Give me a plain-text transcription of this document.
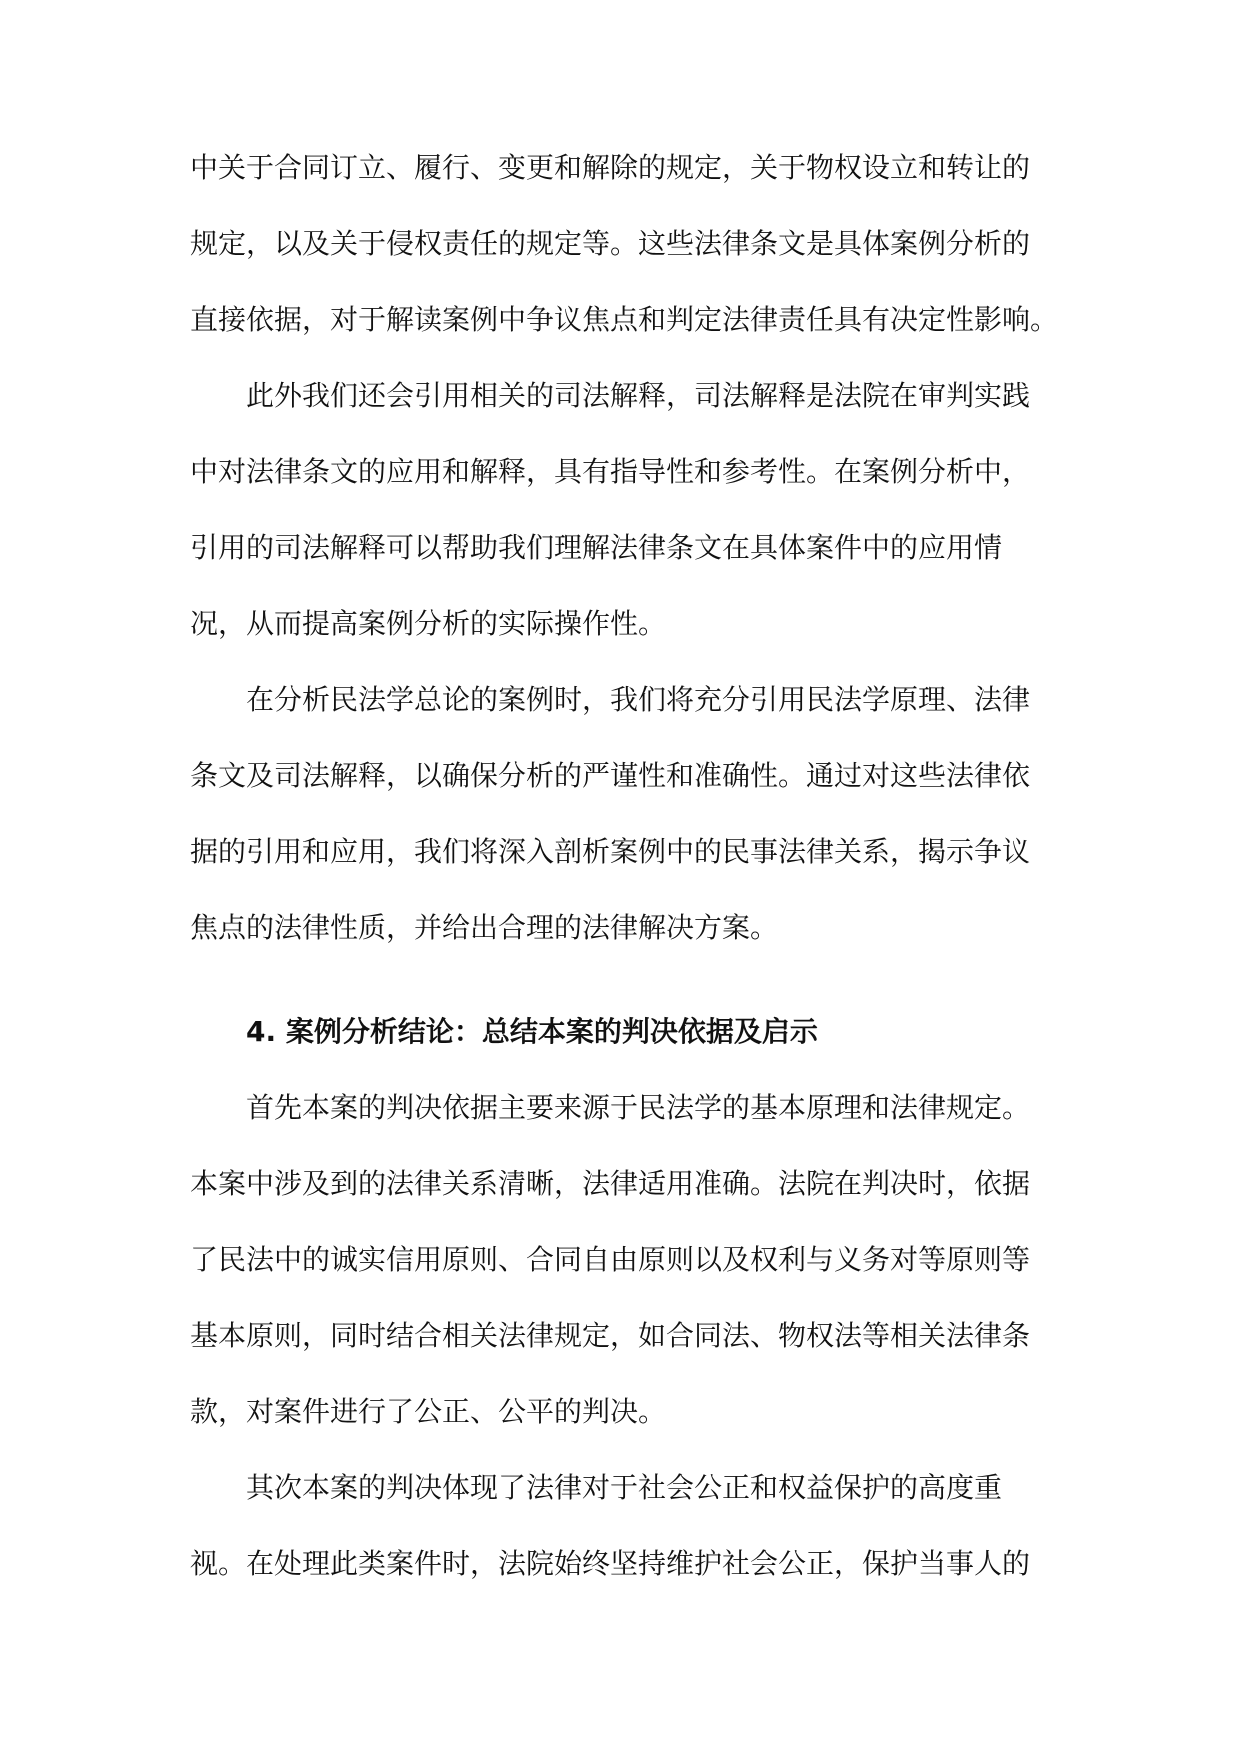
中关于合同订立、履行、变更和解除的规定，关于物权设立和转让的
规定，以及关于侵权责任的规定等。这些法律条文是具体案例分析的
直接依据，对于解读案例中争议焦点和判定法律责任具有决定性影响。
此外我们还会引用相关的司法解释，司法解释是法院在审判实践
中对法律条文的应用和解释，具有指导性和参考性。在案例分析中，
引用的司法解释可以帮助我们理解法律条文在具体案件中的应用情
况，从而提高案例分析的实际操作性。
在分析民法学总论的案例时，我们将充分引用民法学原理、法律
条文及司法解释，以确保分析的严谨性和准确性。通过对这些法律依
据的引用和应用，我们将深入剖析案例中的民事法律关系，揭示争议
焦点的法律性质，并给出合理的法律解决方案。
4. 案例分析结论：总结本案的判决依据及启示
首先本案的判决依据主要来源于民法学的基本原理和法律规定。
本案中涉及到的法律关系清晰，法律适用准确。法院在判决时，依据
了民法中的诚实信用原则、合同自由原则以及权利与义务对等原则等
基本原则，同时结合相关法律规定，如合同法、物权法等相关法律条
款，对案件进行了公正、公平的判决。
其次本案的判决体现了法律对于社会公正和权益保护的高度重
视。在处理此类案件时，法院始终坚持维护社会公正，保护当事人的
